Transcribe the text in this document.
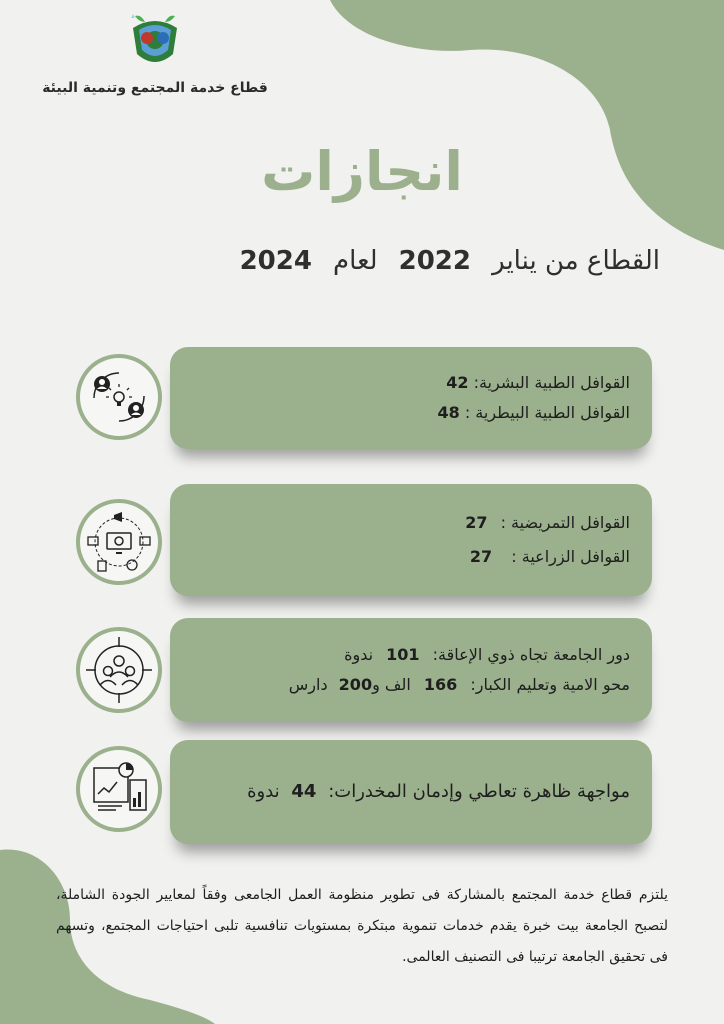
قطاع خدمة المجتمع وتنمية البيئة
انجازات
القطاع من يناير 2022 لعام 2024
القوافل الطبية البشرية: 42
القوافل الطبية البيطرية : 48
القوافل التمريضية : 27
القوافل الزراعية : 27
دور الجامعة تجاه ذوي الإعاقة: 101 ندوة
محو الامية وتعليم الكبار: 166 الف و200 دارس
مواجهة ظاهرة تعاطي وإدمان المخدرات: 44 ندوة
يلتزم قطاع خدمة المجتمع بالمشاركة فى تطوير منظومة العمل الجامعى وفقاً لمعايير الجودة الشاملة، لتصبح الجامعة بيت خبرة يقدم خدمات تنموية مبتكرة بمستويات تنافسية تلبى احتياجات المجتمع، وتسهم فى تحقيق الجامعة ترتيبا فى التصنيف العالمى.
